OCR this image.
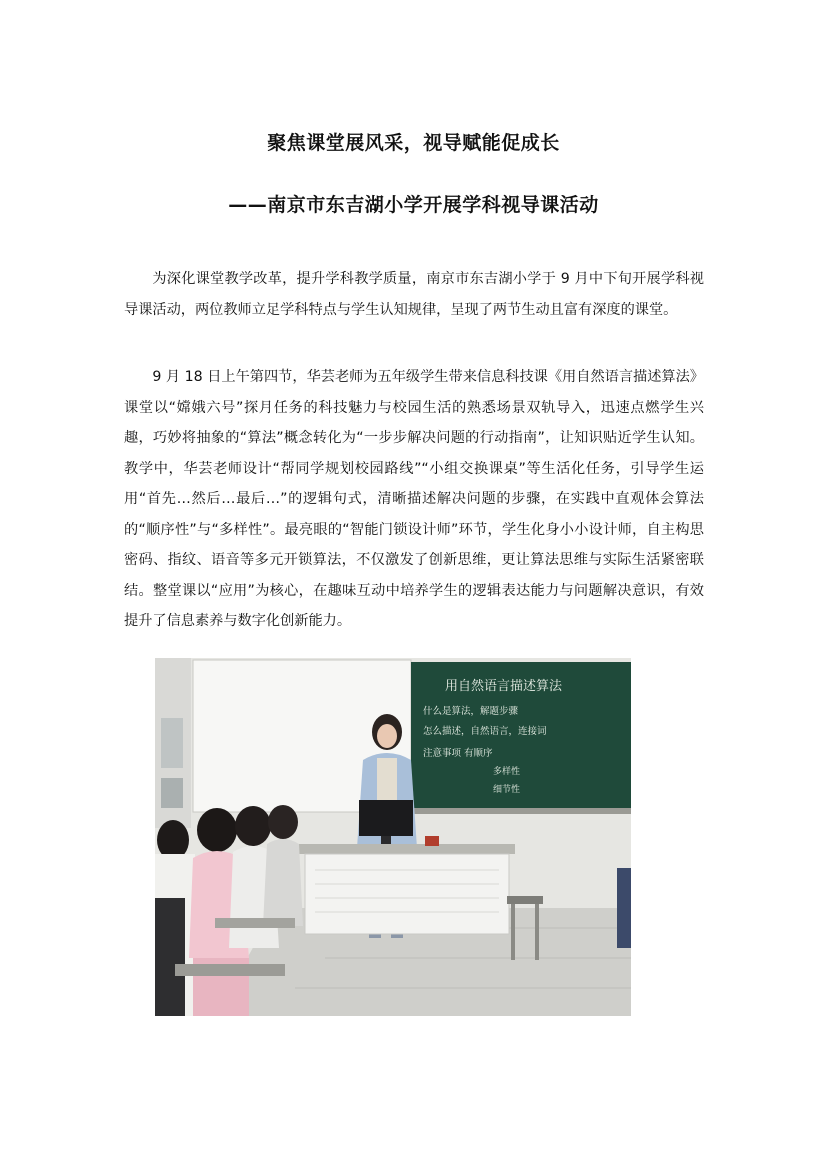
聚焦课堂展风采，视导赋能促成长
——南京市东吉湖小学开展学科视导课活动

为深化课堂教学改革，提升学科教学质量，南京市东吉湖小学于 9 月中下旬开展学科视导课活动，两位教师立足学科特点与学生认知规律，呈现了两节生动且富有深度的课堂。

9 月 18 日上午第四节，华芸老师为五年级学生带来信息科技课《用自然语言描述算法》课堂以“嫦娥六号”探月任务的科技魅力与校园生活的熟悉场景双轨导入，迅速点燃学生兴趣，巧妙将抽象的“算法”概念转化为“一步步解决问题的行动指南”，让知识贴近学生认知。教学中，华芸老师设计“帮同学规划校园路线”“小组交换课桌”等生活化任务，引导学生运用“首先…然后…最后…”的逻辑句式，清晰描述解决问题的步骤，在实践中直观体会算法的“顺序性”与“多样性”。最亮眼的“智能门锁设计师”环节，学生化身小小设计师，自主构思密码、指纹、语音等多元开锁算法，不仅激发了创新思维，更让算法思维与实际生活紧密联结。整堂课以“应用”为核心，在趣味互动中培养学生的逻辑表达能力与问题解决意识，有效提升了信息素养与数字化创新能力。

用自然语言描述算法
什么是算法，解题步骤
怎么描述，自然语言，连接词
注意事项 有顺序
多样性
细节性
